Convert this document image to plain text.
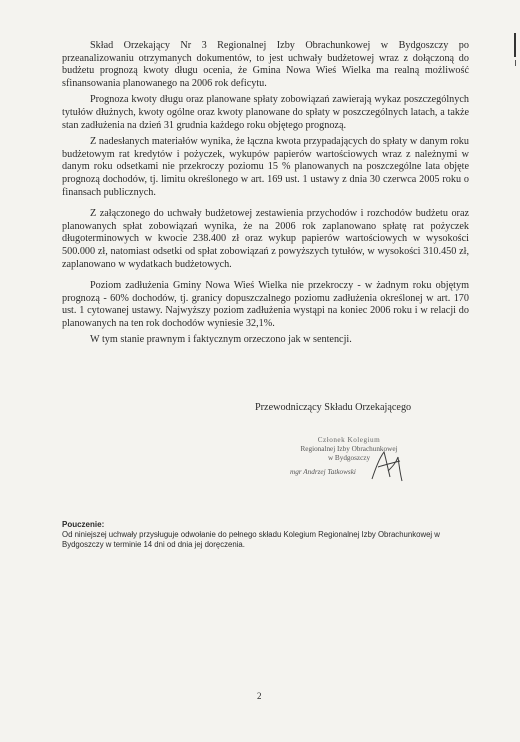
Skład Orzekający Nr 3 Regionalnej Izby Obrachunkowej w Bydgoszczy po przeanalizowaniu otrzymanych dokumentów, to jest uchwały budżetowej wraz z dołączoną do budżetu prognozą kwoty długu ocenia, że Gmina Nowa Wieś Wielka ma realną możliwość sfinansowania planowanego na 2006 rok deficytu.

Prognoza kwoty długu oraz planowane spłaty zobowiązań zawierają wykaz poszczególnych tytułów dłużnych, kwoty ogólne oraz kwoty planowane do spłaty w poszczególnych latach, a także stan zadłużenia na dzień 31 grudnia każdego roku objętego prognozą.

Z nadesłanych materiałów wynika, że łączna kwota przypadających do spłaty w danym roku budżetowym rat kredytów i pożyczek, wykupów papierów wartościowych wraz z należnymi w danym roku odsetkami nie przekroczy poziomu 15 % planowanych na poszczególne lata objęte prognozą dochodów, tj. limitu określonego w art. 169 ust. 1 ustawy z dnia 30 czerwca 2005 roku o finansach publicznych.

Z załączonego do uchwały budżetowej zestawienia przychodów i rozchodów budżetu oraz planowanych spłat zobowiązań wynika, że na 2006 rok zaplanowano spłatę rat pożyczek długoterminowych w kwocie 238.400 zł oraz wykup papierów wartościowych w wysokości 500.000 zł, natomiast odsetki od spłat zobowiązań z powyższych tytułów, w wysokości 310.450 zł, zaplanowano w wydatkach budżetowych.

Poziom zadłużenia Gminy Nowa Wieś Wielka nie przekroczy - w żadnym roku objętym prognozą - 60% dochodów, tj. granicy dopuszczalnego poziomu zadłużenia określonej w art. 170 ust. 1 cytowanej ustawy. Najwyższy poziom zadłużenia wystąpi na koniec 2006 roku i w relacji do planowanych na ten rok dochodów wyniesie 32,1%.

W tym stanie prawnym i faktycznym orzeczono jak w sentencji.

Przewodniczący Składu Orzekającego
Członek Kolegium
Regionalnej Izby Obrachunkowej
w Bydgoszczy
mgr Andrzej Tatkowski
Pouczenie:
Od niniejszej uchwały przysługuje odwołanie do pełnego składu Kolegium Regionalnej Izby Obrachunkowej w Bydgoszczy w terminie 14 dni od dnia jej doręczenia.
2
